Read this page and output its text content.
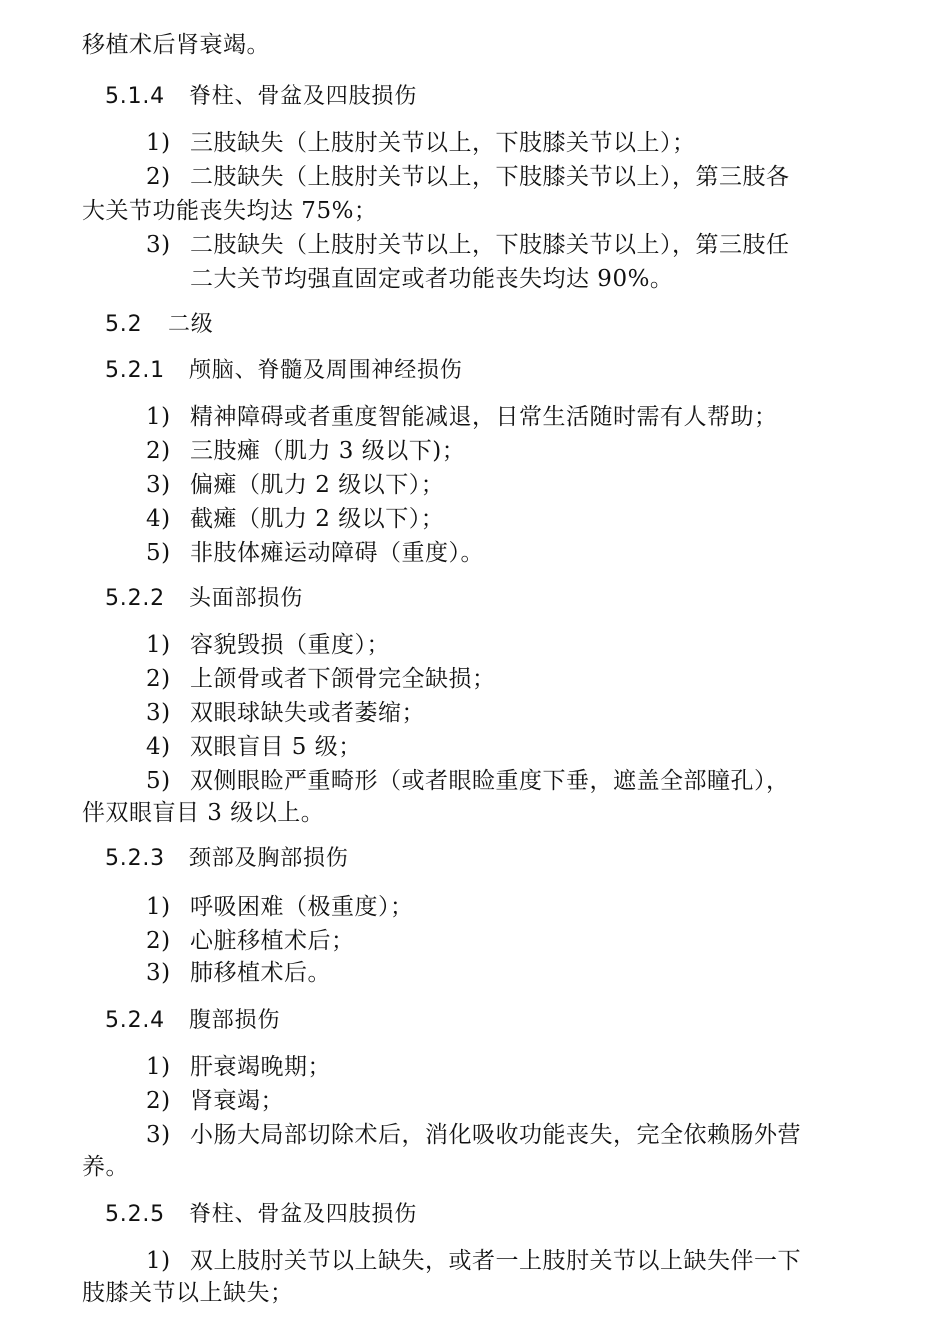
移植术后肾衰竭。
5.1.4 脊柱、骨盆及四肢损伤
1) 三肢缺失（上肢肘关节以上，下肢膝关节以上）；
2) 二肢缺失（上肢肘关节以上，下肢膝关节以上），第三肢各
大关节功能丧失均达 75%；
3) 二肢缺失（上肢肘关节以上，下肢膝关节以上），第三肢任
二大关节均强直固定或者功能丧失均达 90%。
5.2 二级
5.2.1 颅脑、脊髓及周围神经损伤
1) 精神障碍或者重度智能减退，日常生活随时需有人帮助；
2) 三肢瘫（肌力 3 级以下)；
3) 偏瘫（肌力 2 级以下）；
4) 截瘫（肌力 2 级以下）；
5) 非肢体瘫运动障碍（重度）。
5.2.2 头面部损伤
1) 容貌毁损（重度）；
2) 上颌骨或者下颌骨完全缺损；
3) 双眼球缺失或者萎缩；
4) 双眼盲目 5 级；
5) 双侧眼睑严重畸形（或者眼睑重度下垂，遮盖全部瞳孔），
伴双眼盲目 3 级以上。
5.2.3 颈部及胸部损伤
1) 呼吸困难（极重度）；
2) 心脏移植术后；
3) 肺移植术后。
5.2.4 腹部损伤
1) 肝衰竭晚期；
2) 肾衰竭；
3) 小肠大局部切除术后，消化吸收功能丧失，完全依赖肠外营
养。
5.2.5 脊柱、骨盆及四肢损伤
1) 双上肢肘关节以上缺失，或者一上肢肘关节以上缺失伴一下
肢膝关节以上缺失；
